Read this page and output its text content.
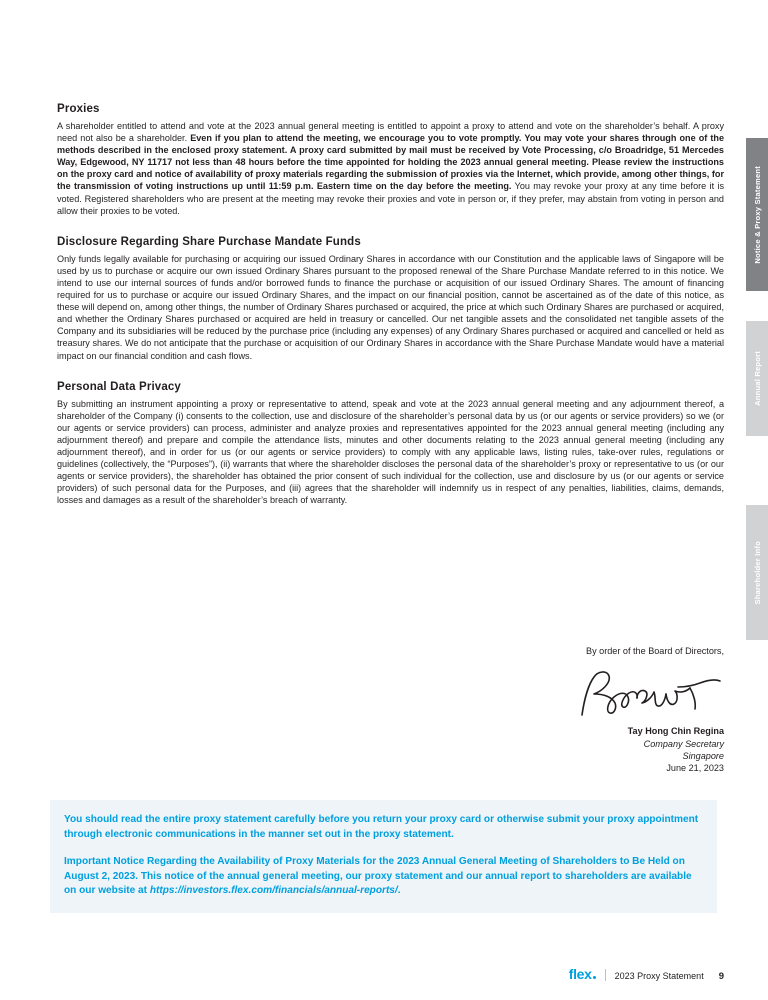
Proxies

A shareholder entitled to attend and vote at the 2023 annual general meeting is entitled to appoint a proxy to attend and vote on the shareholder’s behalf. A proxy need not also be a shareholder. Even if you plan to attend the meeting, we encourage you to vote promptly. You may vote your shares through one of the methods described in the enclosed proxy statement. A proxy card submitted by mail must be received by Vote Processing, c/o Broadridge, 51 Mercedes Way, Edgewood, NY 11717 not less than 48 hours before the time appointed for holding the 2023 annual general meeting. Please review the instructions on the proxy card and notice of availability of proxy materials regarding the submission of proxies via the Internet, which provide, among other things, for the transmission of voting instructions up until 11:59 p.m. Eastern time on the day before the meeting. You may revoke your proxy at any time before it is voted. Registered shareholders who are present at the meeting may revoke their proxies and vote in person or, if they prefer, may abstain from voting in person and allow their proxies to be voted.

Disclosure Regarding Share Purchase Mandate Funds

Only funds legally available for purchasing or acquiring our issued Ordinary Shares in accordance with our Constitution and the applicable laws of Singapore will be used by us to purchase or acquire our own issued Ordinary Shares pursuant to the proposed renewal of the Share Purchase Mandate referred to in this notice. We intend to use our internal sources of funds and/or borrowed funds to finance the purchase or acquisition of our issued Ordinary Shares. The amount of financing required for us to purchase or acquire our issued Ordinary Shares, and the impact on our financial position, cannot be ascertained as of the date of this notice, as these will depend on, among other things, the number of Ordinary Shares purchased or acquired, the price at which such Ordinary Shares are purchased or acquired, and whether the Ordinary Shares purchased or acquired are held in treasury or cancelled. Our net tangible assets and the consolidated net tangible assets of the Company and its subsidiaries will be reduced by the purchase price (including any expenses) of any Ordinary Shares purchased or acquired and cancelled or held as treasury shares. We do not anticipate that the purchase or acquisition of our Ordinary Shares in accordance with the Share Purchase Mandate would have a material impact on our financial condition and cash flows.

Personal Data Privacy

By submitting an instrument appointing a proxy or representative to attend, speak and vote at the 2023 annual general meeting and any adjournment thereof, a shareholder of the Company (i) consents to the collection, use and disclosure of the shareholder’s personal data by us (or our agents or service providers) so we (or our agents or service providers) can process, administer and analyze proxies and representatives appointed for the 2023 annual general meeting (including any adjournment thereof) and prepare and compile the attendance lists, minutes and other documents relating to the 2023 annual general meeting (including any adjournment thereof), and in order for us (or our agents or service providers) to comply with any applicable laws, listing rules, take-over rules, regulations or guidelines (collectively, the “Purposes”), (ii) warrants that where the shareholder discloses the personal data of the shareholder’s proxy or representative to us (or our agents or service providers), the shareholder has obtained the prior consent of such individual for the collection, use and disclosure by us (or our agents or service providers) of such personal data for the Purposes, and (iii) agrees that the shareholder will indemnify us in respect of any penalties, liabilities, claims, demands, losses and damages as a result of the shareholder’s breach of warranty.

By order of the Board of Directors,
Tay Hong Chin Regina
Company Secretary
Singapore
June 21, 2023

You should read the entire proxy statement carefully before you return your proxy card or otherwise submit your proxy appointment through electronic communications in the manner set out in the proxy statement.

Important Notice Regarding the Availability of Proxy Materials for the 2023 Annual General Meeting of Shareholders to Be Held on August 2, 2023. This notice of the annual general meeting, our proxy statement and our annual report to shareholders are available on our website at https://investors.flex.com/financials/annual-reports/.

Notice & Proxy Statement
Annual Report
Shareholder Info
flex	2023 Proxy Statement 9
